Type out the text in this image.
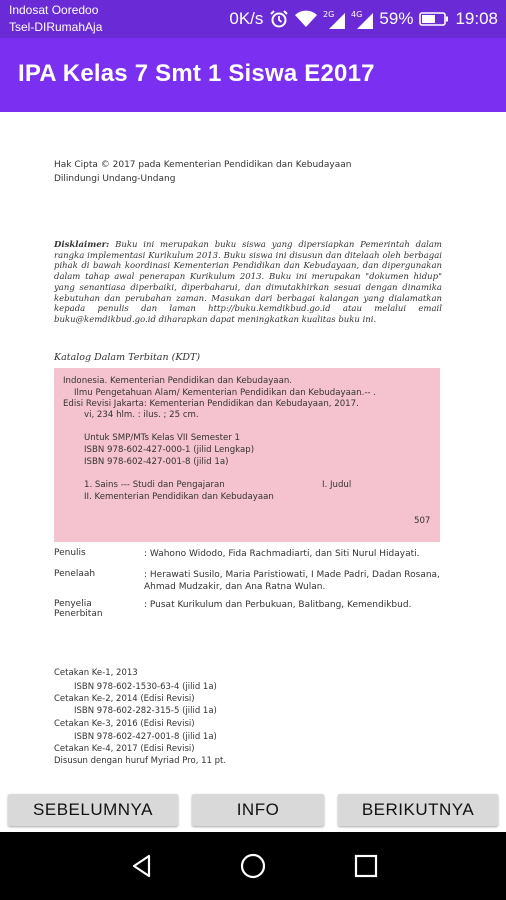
Indosat Ooredoo
Tsel-DIRumahAja	0K/s	2G 4G 59% 19:08
IPA Kelas 7 Smt 1 Siswa E2017
Hak Cipta © 2017 pada Kementerian Pendidikan dan Kebudayaan
Dilindungi Undang-Undang
Disklaimer: Buku ini merupakan buku siswa yang dipersiapkan Pemerintah dalam rangka implementasi Kurikulum 2013. Buku siswa ini disusun dan ditelaah oleh berbagai pihak di bawah koordinasi Kementerian Pendidikan dan Kebudayaan, dan dipergunakan dalam tahap awal penerapan Kurikulum 2013. Buku ini merupakan "dokumen hidup" yang senantiasa diperbaiki, diperbaharui, dan dimutakhirkan sesuai dengan dinamika kebutuhan dan perubahan zaman. Masukan dari berbagai kalangan yang dialamatkan kepada penulis dan laman http://buku.kemdikbud.go.id atau melalui email buku@kemdikbud.go.id diharapkan dapat meningkatkan kualitas buku ini.
Katalog Dalam Terbitan (KDT)
Indonesia. Kementerian Pendidikan dan Kebudayaan.
Ilmu Pengetahuan Alam/ Kementerian Pendidikan dan Kebudayaan.-- .
Edisi Revisi Jakarta: Kementerian Pendidikan dan Kebudayaan, 2017.
vi, 234 hlm. : ilus. ; 25 cm.
Untuk SMP/MTs Kelas VII Semester 1
ISBN 978-602-427-000-1 (jilid Lengkap)
ISBN 978-602-427-001-8 (jilid 1a)
1. Sains --- Studi dan Pengajaran	I. Judul
II. Kementerian Pendidikan dan Kebudayaan
507
Penulis	: Wahono Widodo, Fida Rachmadiarti, dan Siti Nurul Hidayati.
Penelaah	: Herawati Susilo, Maria Paristiowati, I Made Padri, Dadan Rosana, Ahmad Mudzakir, dan Ana Ratna Wulan.
Penyelia Penerbitan
: Pusat Kurikulum dan Perbukuan, Balitbang, Kemendikbud.
Cetakan Ke-1, 2013
ISBN 978-602-1530-63-4 (jilid 1a)
Cetakan Ke-2, 2014 (Edisi Revisi)
ISBN 978-602-282-315-5 (jilid 1a)
Cetakan Ke-3, 2016 (Edisi Revisi)
ISBN 978-602-427-001-8 (jilid 1a)
Cetakan Ke-4, 2017 (Edisi Revisi)
Disusun dengan huruf Myriad Pro, 11 pt.
SEBELUMNYA	INFO	BERIKUTNYA
